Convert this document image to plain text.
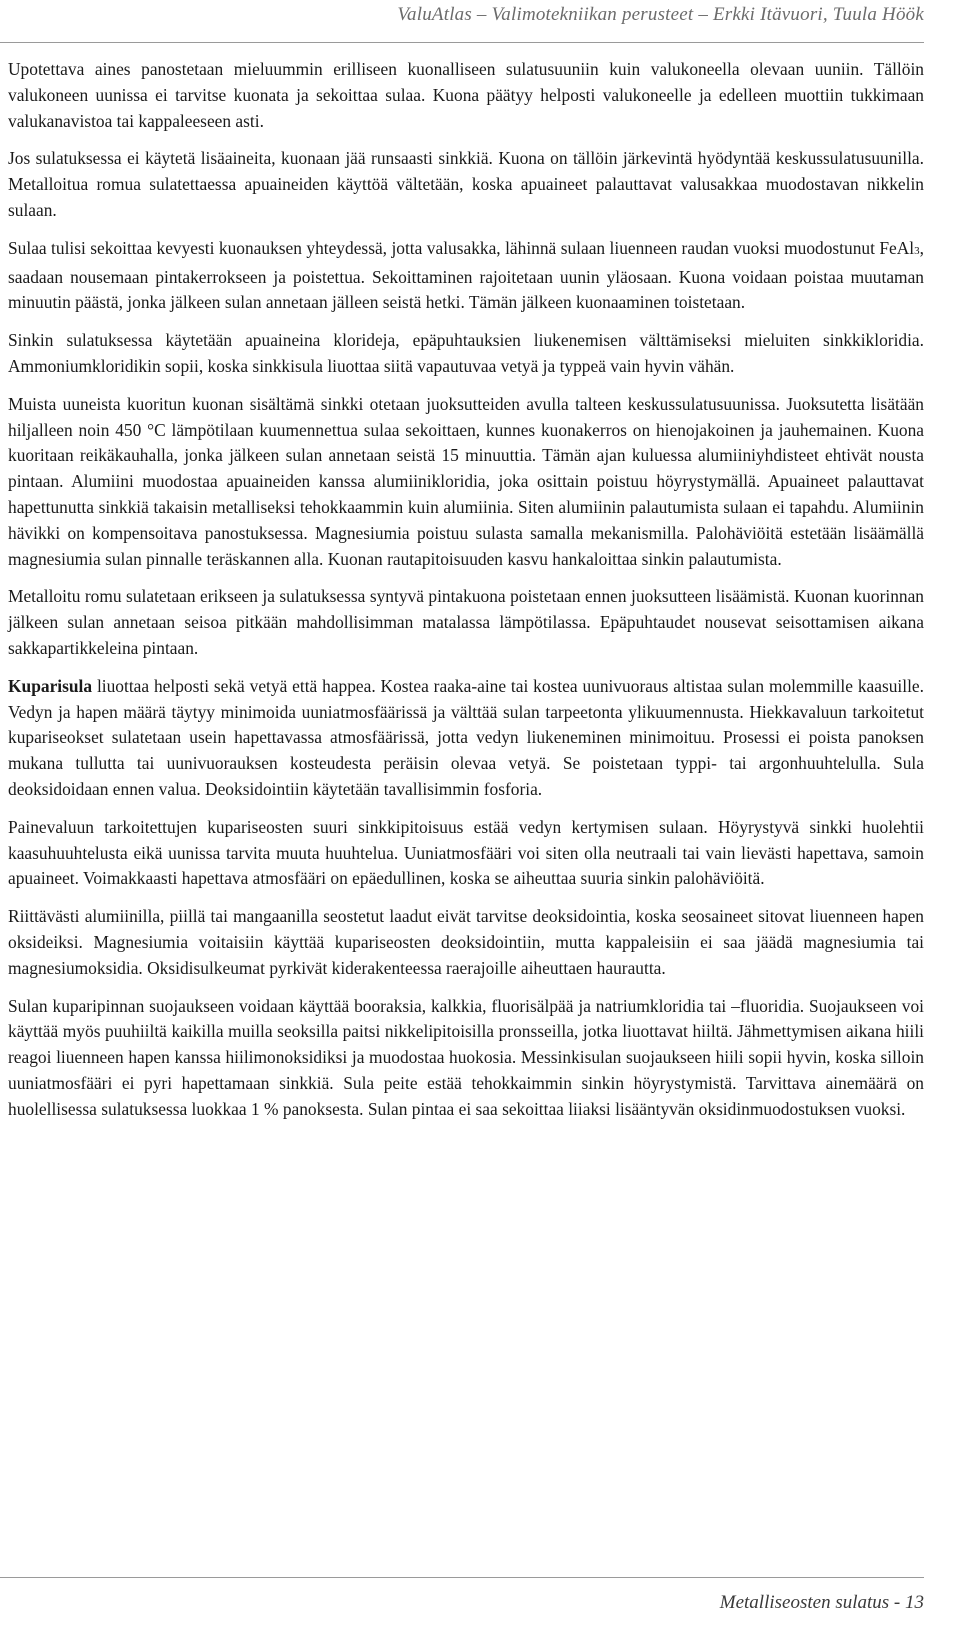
ValuAtlas – Valimotekniikan perusteet – Erkki Itävuori, Tuula Höök

Upotettava aines panostetaan mieluummin erilliseen kuonalliseen sulatusuuniin kuin valukoneella olevaan uuniin. Tällöin valukoneen uunissa ei tarvitse kuonata ja sekoittaa sulaa. Kuona päätyy helposti valukoneelle ja edelleen muottiin tukkimaan valukanavistoa tai kappaleeseen asti.

Jos sulatuksessa ei käytetä lisäaineita, kuonaan jää runsaasti sinkkiä. Kuona on tällöin järkevintä hyödyntää keskussulatusuunilla. Metalloitua romua sulatettaessa apuaineiden käyttöä vältetään, koska apuaineet palauttavat valusakkaa muodostavan nikkelin sulaan.

Sulaa tulisi sekoittaa kevyesti kuonauksen yhteydessä, jotta valusakka, lähinnä sulaan liuenneen raudan vuoksi muodostunut FeAl3, saadaan nousemaan pintakerrokseen ja poistettua. Sekoittaminen rajoitetaan uunin yläosaan. Kuona voidaan poistaa muutaman minuutin päästä, jonka jälkeen sulan annetaan jälleen seistä hetki. Tämän jälkeen kuonaaminen toistetaan.

Sinkin sulatuksessa käytetään apuaineina klorideja, epäpuhtauksien liukenemisen välttämiseksi mieluiten sinkkikloridia. Ammoniumkloridikin sopii, koska sinkkisula liuottaa siitä vapautuvaa vetyä ja typpeä vain hyvin vähän.

Muista uuneista kuoritun kuonan sisältämä sinkki otetaan juoksutteiden avulla talteen keskussulatusuunissa. Juoksutetta lisätään hiljalleen noin 450 °C lämpötilaan kuumennettua sulaa sekoittaen, kunnes kuonakerros on hienojakoinen ja jauhemainen. Kuona kuoritaan reikäkauhalla, jonka jälkeen sulan annetaan seistä 15 minuuttia. Tämän ajan kuluessa alumiiniyhdisteet ehtivät nousta pintaan. Alumiini muodostaa apuaineiden kanssa alumiinikloridia, joka osittain poistuu höyrystymällä. Apuaineet palauttavat hapettunutta sinkkiä takaisin metalliseksi tehokkaammin kuin alumiinia. Siten alumiinin palautumista sulaan ei tapahdu. Alumiinin hävikki on kompensoitava panostuksessa. Magnesiumia poistuu sulasta samalla mekanismilla. Palohäviöitä estetään lisäämällä magnesiumia sulan pinnalle teräskannen alla. Kuonan rautapitoisuuden kasvu hankaloittaa sinkin palautumista.

Metalloitu romu sulatetaan erikseen ja sulatuksessa syntyvä pintakuona poistetaan ennen juoksutteen lisäämistä. Kuonan kuorinnan jälkeen sulan annetaan seisoa pitkään mahdollisimman matalassa lämpötilassa. Epäpuhtaudet nousevat seisottamisen aikana sakkapartikkeleina pintaan.

Kuparisula liuottaa helposti sekä vetyä että happea. Kostea raaka-aine tai kostea uunivuoraus altistaa sulan molemmille kaasuille. Vedyn ja hapen määrä täytyy minimoida uuniatmosfäärissä ja välttää sulan tarpeetonta ylikuumennusta. Hiekkavaluun tarkoitetut kupariseokset sulatetaan usein hapettavassa atmosfäärissä, jotta vedyn liukeneminen minimoituu. Prosessi ei poista panoksen mukana tullutta tai uunivuorauksen kosteudesta peräisin olevaa vetyä. Se poistetaan typpi- tai argonhuuhtelulla. Sula deoksidoidaan ennen valua. Deoksidointiin käytetään tavallisimmin fosforia.

Painevaluun tarkoitettujen kupariseosten suuri sinkkipitoisuus estää vedyn kertymisen sulaan. Höyrystyvä sinkki huolehtii kaasuhuuhtelusta eikä uunissa tarvita muuta huuhtelua. Uuniatmosfääri voi siten olla neutraali tai vain lievästi hapettava, samoin apuaineet. Voimakkaasti hapettava atmosfääri on epäedullinen, koska se aiheuttaa suuria sinkin palohäviöitä.

Riittävästi alumiinilla, piillä tai mangaanilla seostetut laadut eivät tarvitse deoksidointia, koska seosaineet sitovat liuenneen hapen oksideiksi. Magnesiumia voitaisiin käyttää kupariseosten deoksidointiin, mutta kappaleisiin ei saa jäädä magnesiumia tai magnesiumoksidia. Oksidisulkeumat pyrkivät kiderakenteessa raerajoille aiheuttaen haurautta.

Sulan kuparipinnan suojaukseen voidaan käyttää booraksia, kalkkia, fluorisälpää ja natriumkloridia tai –fluoridia. Suojaukseen voi käyttää myös puuhiiltä kaikilla muilla seoksilla paitsi nikkelipitoisilla pronsseilla, jotka liuottavat hiiltä. Jähmettymisen aikana hiili reagoi liuenneen hapen kanssa hiilimonoksidiksi ja muodostaa huokosia. Messinkisulan suojaukseen hiili sopii hyvin, koska silloin uuniatmosfääri ei pyri hapettamaan sinkkiä. Sula peite estää tehokkaimmin sinkin höyrystymistä. Tarvittava ainemäärä on huolellisessa sulatuksessa luokkaa 1 % panoksesta. Sulan pintaa ei saa sekoittaa liiaksi lisääntyvän oksidinmuodostuksen vuoksi.

Metalliseosten sulatus - 13
